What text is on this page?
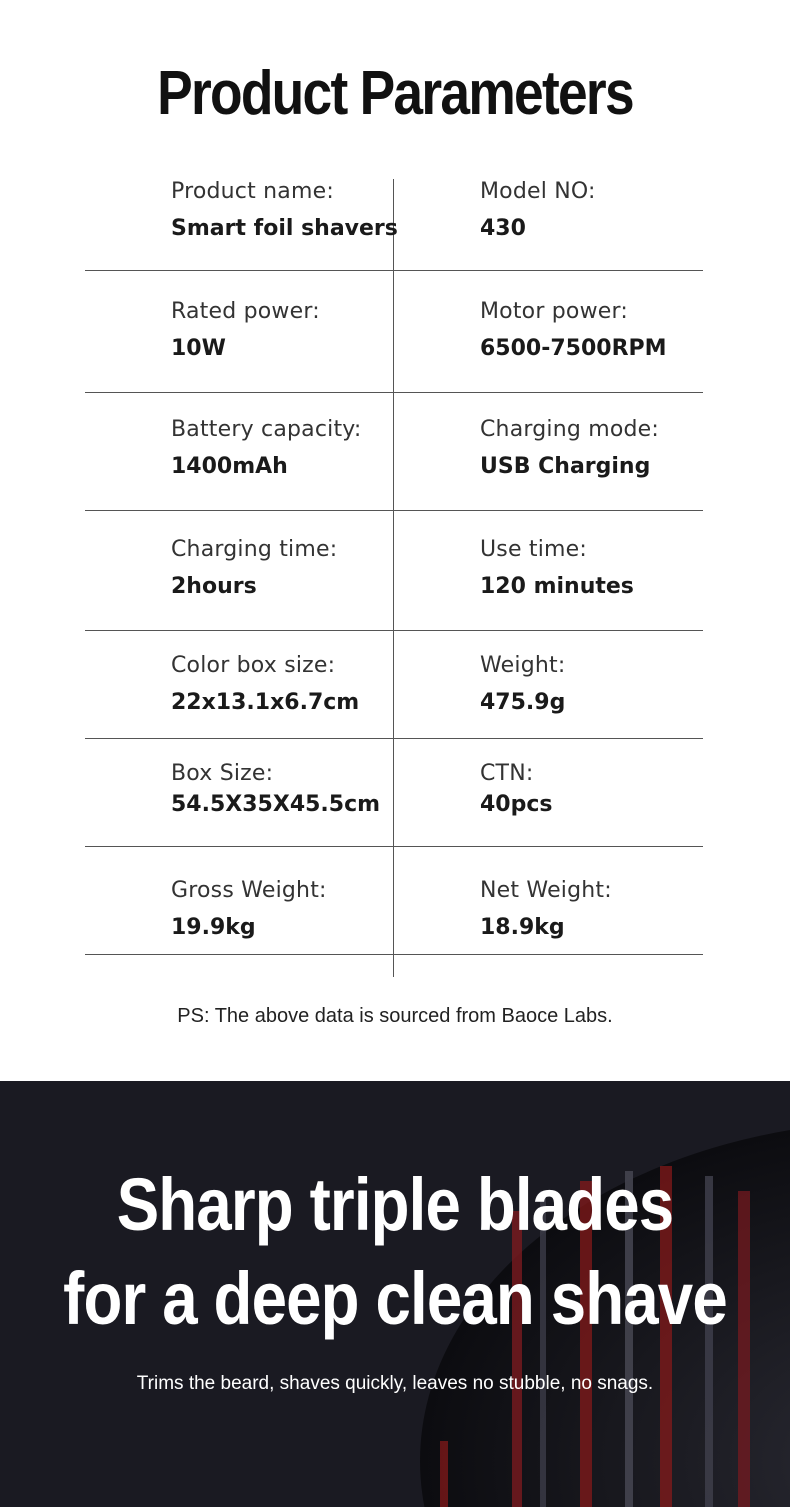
Product Parameters
Product name:
Smart foil shavers
Model NO:
430
Rated power:
10W
Motor power:
6500-7500RPM
Battery capacity:
1400mAh
Charging mode:
USB Charging
Charging time:
2hours
Use time:
120 minutes
Color box size:
22x13.1x6.7cm
Weight:
475.9g
Box Size:
54.5X35X45.5cm
CTN:
40pcs
Gross Weight:
19.9kg
Net Weight:
18.9kg
PS: The above data is sourced from Baoce Labs.
Sharp triple blades
for a deep clean shave
Trims the beard, shaves quickly, leaves no stubble, no snags.
